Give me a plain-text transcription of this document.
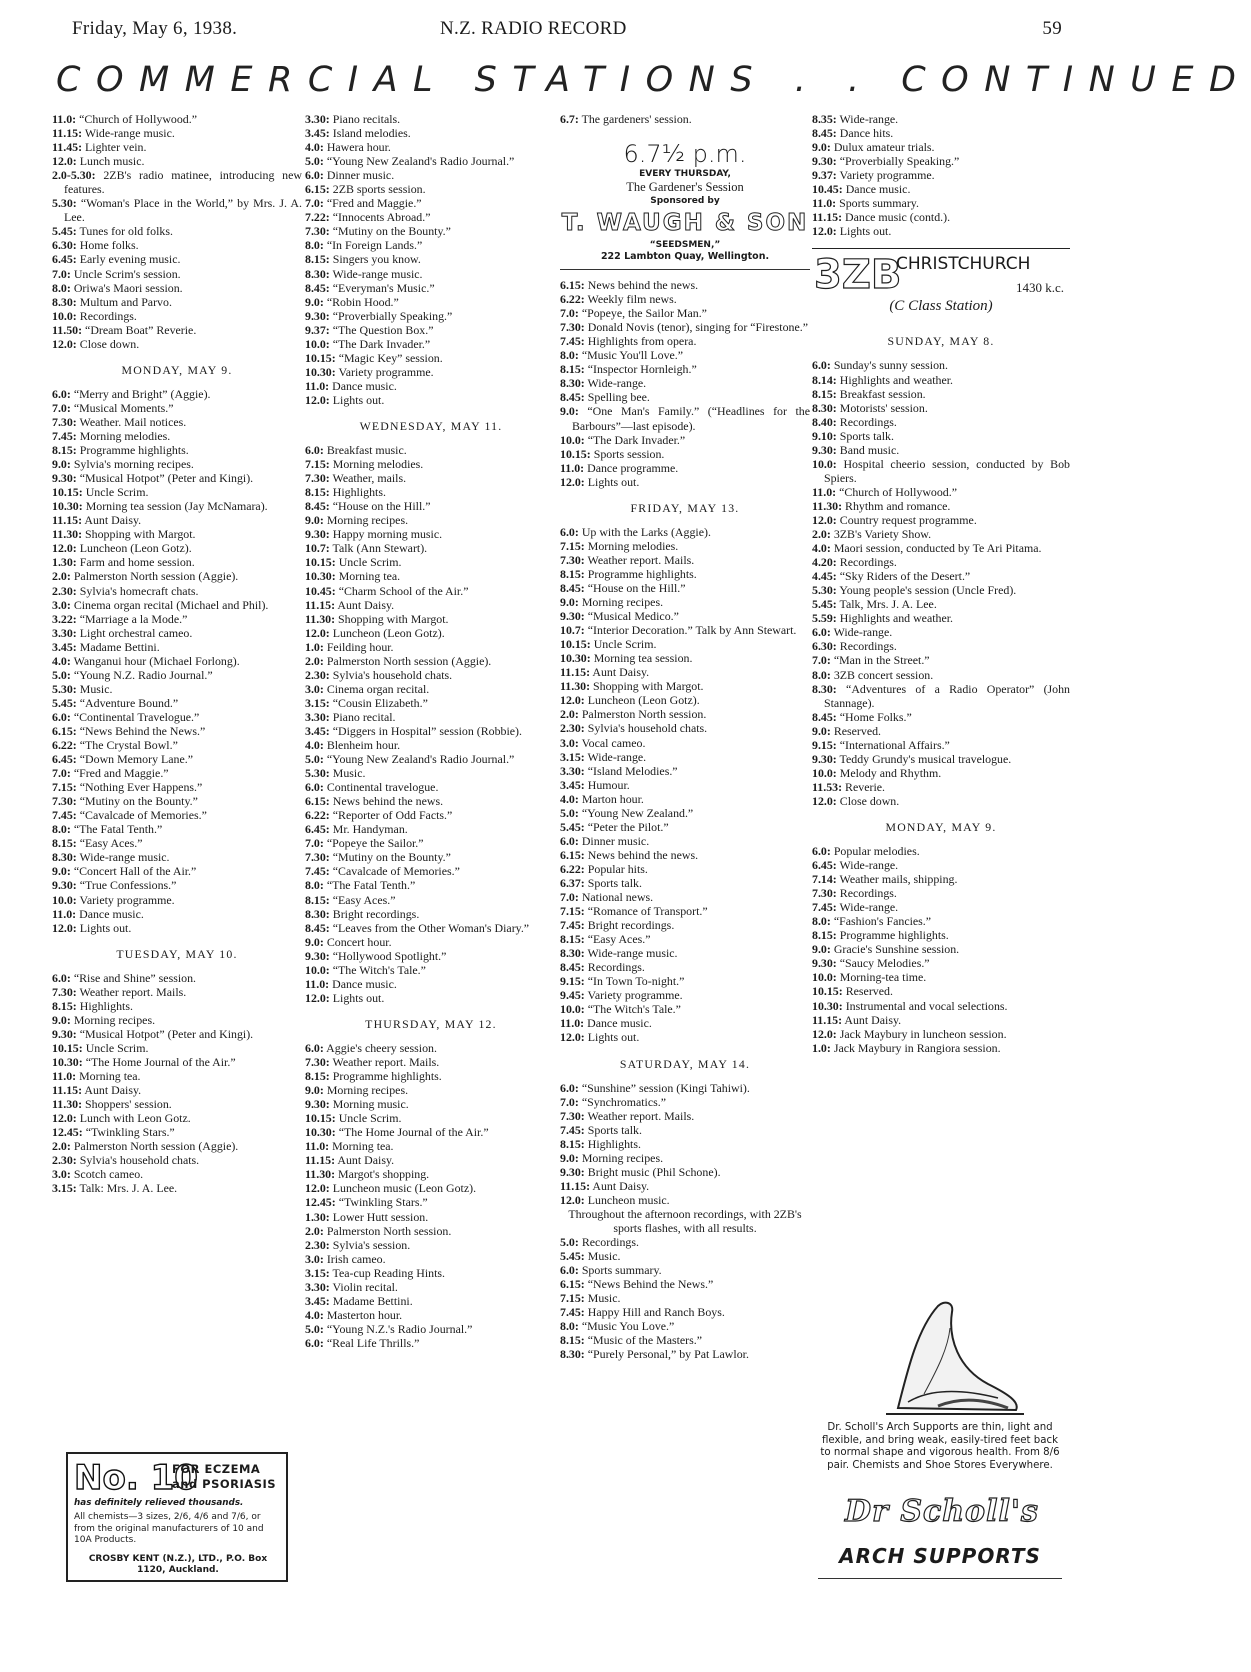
Friday, May 6, 1938.	N.Z. RADIO RECORD	59
COMMERCIAL STATIONS . . CONTINUED
11.0: “Church of Hollywood.”
11.15: Wide-range music.
11.45: Lighter vein.
12.0: Lunch music.
2.0-5.30: 2ZB's radio matinee, introducing new features.
5.30: “Woman's Place in the World,” by Mrs. J. A. Lee.
5.45: Tunes for old folks.
6.30: Home folks.
6.45: Early evening music.
7.0: Uncle Scrim's session.
8.0: Oriwa's Maori session.
8.30: Multum and Parvo.
10.0: Recordings.
11.50: “Dream Boat” Reverie.
12.0: Close down.
MONDAY, MAY 9.
6.0: “Merry and Bright” (Aggie).
7.0: “Musical Moments.”
7.30: Weather. Mail notices.
7.45: Morning melodies.
8.15: Programme highlights.
9.0: Sylvia's morning recipes.
9.30: “Musical Hotpot” (Peter and Kingi).
10.15: Uncle Scrim.
10.30: Morning tea session (Jay McNamara).
11.15: Aunt Daisy.
11.30: Shopping with Margot.
12.0: Luncheon (Leon Gotz).
1.30: Farm and home session.
2.0: Palmerston North session (Aggie).
2.30: Sylvia's homecraft chats.
3.0: Cinema organ recital (Michael and Phil).
3.22: “Marriage a la Mode.”
3.30: Light orchestral cameo.
3.45: Madame Bettini.
4.0: Wanganui hour (Michael Forlong).
5.0: “Young N.Z. Radio Journal.”
5.30: Music.
5.45: “Adventure Bound.”
6.0: “Continental Travelogue.”
6.15: “News Behind the News.”
6.22: “The Crystal Bowl.”
6.45: “Down Memory Lane.”
7.0: “Fred and Maggie.”
7.15: “Nothing Ever Happens.”
7.30: “Mutiny on the Bounty.”
7.45: “Cavalcade of Memories.”
8.0: “The Fatal Tenth.”
8.15: “Easy Aces.”
8.30: Wide-range music.
9.0: “Concert Hall of the Air.”
9.30: “True Confessions.”
10.0: Variety programme.
11.0: Dance music.
12.0: Lights out.
TUESDAY, MAY 10.
6.0: “Rise and Shine” session.
7.30: Weather report. Mails.
8.15: Highlights.
9.0: Morning recipes.
9.30: “Musical Hotpot” (Peter and Kingi).
10.15: Uncle Scrim.
10.30: “The Home Journal of the Air.”
11.0: Morning tea.
11.15: Aunt Daisy.
11.30: Shoppers' session.
12.0: Lunch with Leon Gotz.
12.45: “Twinkling Stars.”
2.0: Palmerston North session (Aggie).
2.30: Sylvia's household chats.
3.0: Scotch cameo.
3.15: Talk: Mrs. J. A. Lee.
3.30: Piano recitals.
3.45: Island melodies.
4.0: Hawera hour.
5.0: “Young New Zealand's Radio Journal.”
6.0: Dinner music.
6.15: 2ZB sports session.
7.0: “Fred and Maggie.”
7.22: “Innocents Abroad.”
7.30: “Mutiny on the Bounty.”
8.0: “In Foreign Lands.”
8.15: Singers you know.
8.30: Wide-range music.
8.45: “Everyman's Music.”
9.0: “Robin Hood.”
9.30: “Proverbially Speaking.”
9.37: “The Question Box.”
10.0: “The Dark Invader.”
10.15: “Magic Key” session.
10.30: Variety programme.
11.0: Dance music.
12.0: Lights out.
WEDNESDAY, MAY 11.
6.0: Breakfast music.
7.15: Morning melodies.
7.30: Weather, mails.
8.15: Highlights.
8.45: “House on the Hill.”
9.0: Morning recipes.
9.30: Happy morning music.
10.7: Talk (Ann Stewart).
10.15: Uncle Scrim.
10.30: Morning tea.
10.45: “Charm School of the Air.”
11.15: Aunt Daisy.
11.30: Shopping with Margot.
12.0: Luncheon (Leon Gotz).
1.0: Feilding hour.
2.0: Palmerston North session (Aggie).
2.30: Sylvia's household chats.
3.0: Cinema organ recital.
3.15: “Cousin Elizabeth.”
3.30: Piano recital.
3.45: “Diggers in Hospital” session (Robbie).
4.0: Blenheim hour.
5.0: “Young New Zealand's Radio Journal.”
5.30: Music.
6.0: Continental travelogue.
6.15: News behind the news.
6.22: “Reporter of Odd Facts.”
6.45: Mr. Handyman.
7.0: “Popeye the Sailor.”
7.30: “Mutiny on the Bounty.”
7.45: “Cavalcade of Memories.”
8.0: “The Fatal Tenth.”
8.15: “Easy Aces.”
8.30: Bright recordings.
8.45: “Leaves from the Other Woman's Diary.”
9.0: Concert hour.
9.30: “Hollywood Spotlight.”
10.0: “The Witch's Tale.”
11.0: Dance music.
12.0: Lights out.
THURSDAY, MAY 12.
6.0: Aggie's cheery session.
7.30: Weather report. Mails.
8.15: Programme highlights.
9.0: Morning recipes.
9.30: Morning music.
10.15: Uncle Scrim.
10.30: “The Home Journal of the Air.”
11.0: Morning tea.
11.15: Aunt Daisy.
11.30: Margot's shopping.
12.0: Luncheon music (Leon Gotz).
12.45: “Twinkling Stars.”
1.30: Lower Hutt session.
2.0: Palmerston North session.
2.30: Sylvia's session.
3.0: Irish cameo.
3.15: Tea-cup Reading Hints.
3.30: Violin recital.
3.45: Madame Bettini.
4.0: Masterton hour.
5.0: “Young N.Z.'s Radio Journal.”
6.0: “Real Life Thrills.”
6.7: The gardeners' session.
6.7½ p.m.
EVERY THURSDAY,
The Gardener's Session
Sponsored by
T. WAUGH & SON
“SEEDSMEN,”
222 Lambton Quay, Wellington.
6.15: News behind the news.
6.22: Weekly film news.
7.0: “Popeye, the Sailor Man.”
7.30: Donald Novis (tenor), singing for “Firestone.”
7.45: Highlights from opera.
8.0: “Music You'll Love.”
8.15: “Inspector Hornleigh.”
8.30: Wide-range.
8.45: Spelling bee.
9.0: “One Man's Family.” (“Headlines for the Barbours”—last episode).
10.0: “The Dark Invader.”
10.15: Sports session.
11.0: Dance programme.
12.0: Lights out.
FRIDAY, MAY 13.
6.0: Up with the Larks (Aggie).
7.15: Morning melodies.
7.30: Weather report. Mails.
8.15: Programme highlights.
8.45: “House on the Hill.”
9.0: Morning recipes.
9.30: “Musical Medico.”
10.7: “Interior Decoration.” Talk by Ann Stewart.
10.15: Uncle Scrim.
10.30: Morning tea session.
11.15: Aunt Daisy.
11.30: Shopping with Margot.
12.0: Luncheon (Leon Gotz).
2.0: Palmerston North session.
2.30: Sylvia's household chats.
3.0: Vocal cameo.
3.15: Wide-range.
3.30: “Island Melodies.”
3.45: Humour.
4.0: Marton hour.
5.0: “Young New Zealand.”
5.45: “Peter the Pilot.”
6.0: Dinner music.
6.15: News behind the news.
6.22: Popular hits.
6.37: Sports talk.
7.0: National news.
7.15: “Romance of Transport.”
7.45: Bright recordings.
8.15: “Easy Aces.”
8.30: Wide-range music.
8.45: Recordings.
9.15: “In Town To-night.”
9.45: Variety programme.
10.0: “The Witch's Tale.”
11.0: Dance music.
12.0: Lights out.
SATURDAY, MAY 14.
6.0: “Sunshine” session (Kingi Tahiwi).
7.0: “Synchromatics.”
7.30: Weather report. Mails.
7.45: Sports talk.
8.15: Highlights.
9.0: Morning recipes.
9.30: Bright music (Phil Schone).
11.15: Aunt Daisy.
12.0: Luncheon music.
Throughout the afternoon recordings, with 2ZB's sports flashes, with all results.
5.0: Recordings.
5.45: Music.
6.0: Sports summary.
6.15: “News Behind the News.”
7.15: Music.
7.45: Happy Hill and Ranch Boys.
8.0: “Music You Love.”
8.15: “Music of the Masters.”
8.30: “Purely Personal,” by Pat Lawlor.
8.35: Wide-range.
8.45: Dance hits.
9.0: Dulux amateur trials.
9.30: “Proverbially Speaking.”
9.37: Variety programme.
10.45: Dance music.
11.0: Sports summary.
11.15: Dance music (contd.).
12.0: Lights out.
3ZB
CHRISTCHURCH
1430 k.c.
(C Class Station)
SUNDAY, MAY 8.
6.0: Sunday's sunny session.
8.14: Highlights and weather.
8.15: Breakfast session.
8.30: Motorists' session.
8.40: Recordings.
9.10: Sports talk.
9.30: Band music.
10.0: Hospital cheerio session, conducted by Bob Spiers.
11.0: “Church of Hollywood.”
11.30: Rhythm and romance.
12.0: Country request programme.
2.0: 3ZB's Variety Show.
4.0: Maori session, conducted by Te Ari Pitama.
4.20: Recordings.
4.45: “Sky Riders of the Desert.”
5.30: Young people's session (Uncle Fred).
5.45: Talk, Mrs. J. A. Lee.
5.59: Highlights and weather.
6.0: Wide-range.
6.30: Recordings.
7.0: “Man in the Street.”
8.0: 3ZB concert session.
8.30: “Adventures of a Radio Operator” (John Stannage).
8.45: “Home Folks.”
9.0: Reserved.
9.15: “International Affairs.”
9.30: Teddy Grundy's musical travelogue.
10.0: Melody and Rhythm.
11.53: Reverie.
12.0: Close down.
MONDAY, MAY 9.
6.0: Popular melodies.
6.45: Wide-range.
7.14: Weather mails, shipping.
7.30: Recordings.
7.45: Wide-range.
8.0: “Fashion's Fancies.”
8.15: Programme highlights.
9.0: Gracie's Sunshine session.
9.30: “Saucy Melodies.”
10.0: Morning-tea time.
10.15: Reserved.
10.30: Instrumental and vocal selections.
11.15: Aunt Daisy.
12.0: Jack Maybury in luncheon session.
1.0: Jack Maybury in Rangiora session.
No. 10
FOR ECZEMA
and PSORIASIS
has definitely relieved thousands.
All chemists—3 sizes, 2/6, 4/6 and 7/6, or from the original manufacturers of 10 and 10A Products.
CROSBY KENT (N.Z.), LTD., P.O. Box 1120, Auckland.
Dr. Scholl's Arch Supports are thin, light and flexible, and bring weak, easily-tired feet back to normal shape and vigorous health. From 8/6 pair. Chemists and Shoe Stores Everywhere.
Dr Scholl's
ARCH SUPPORTS
